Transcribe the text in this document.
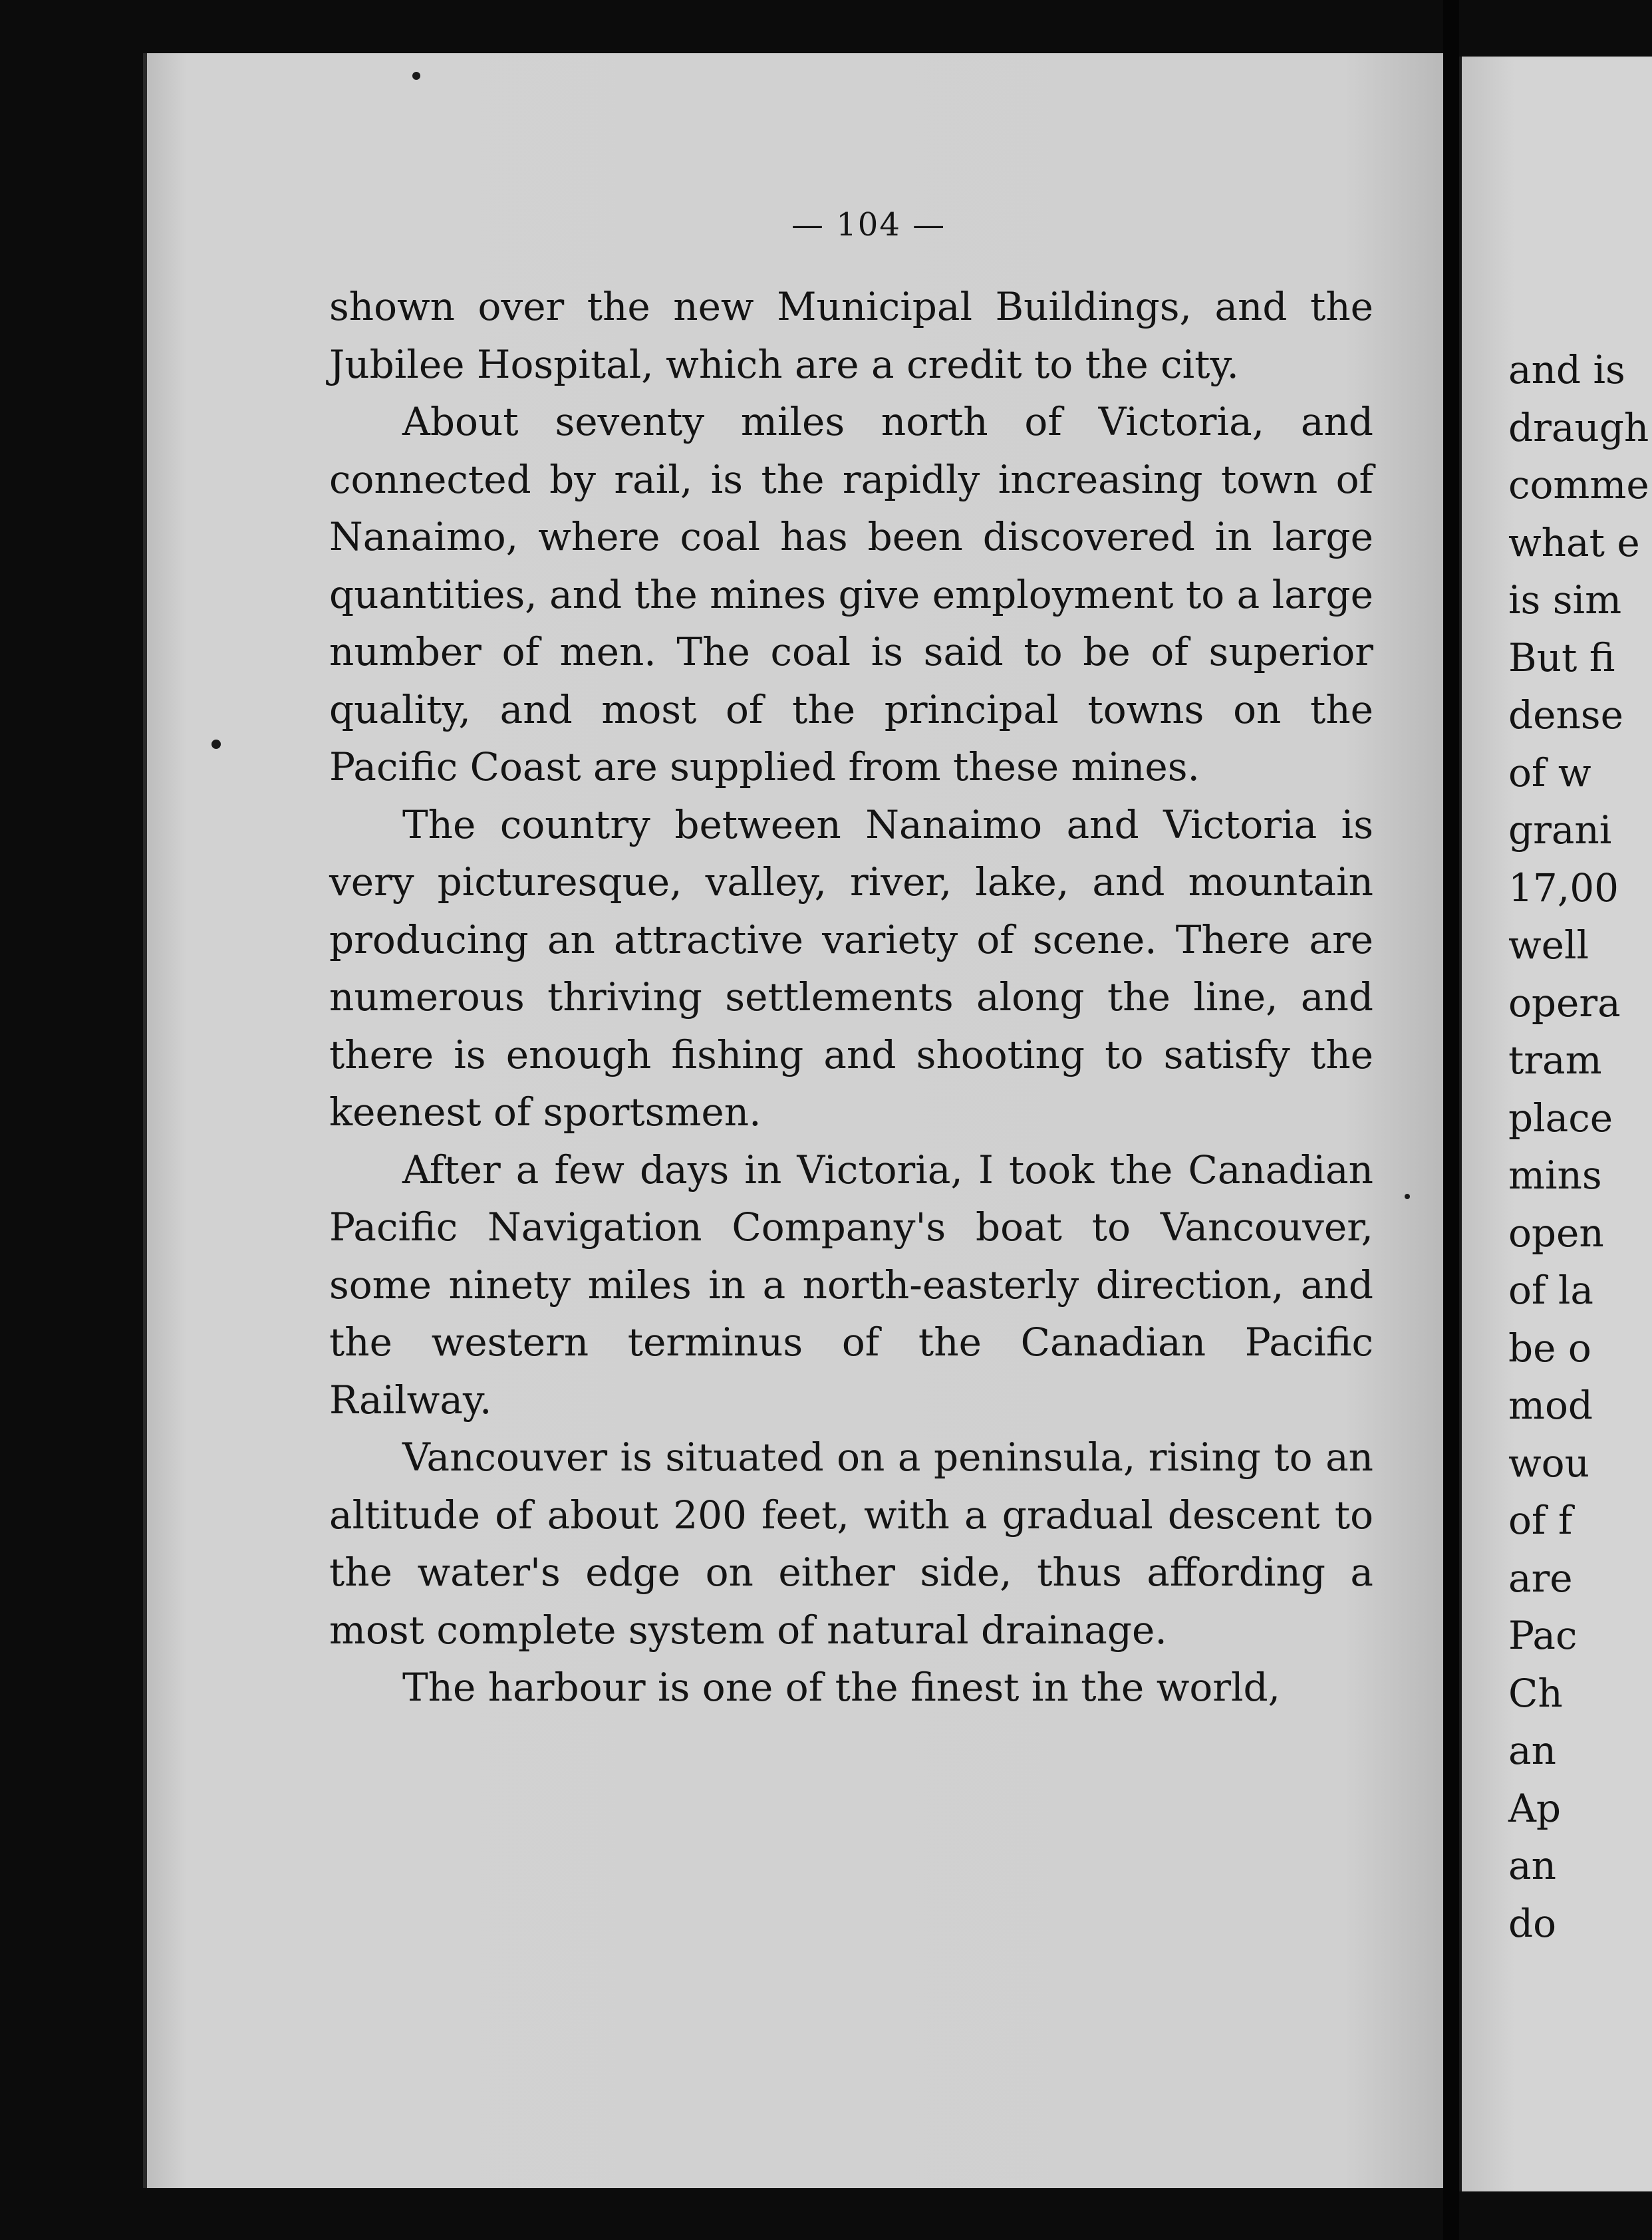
— 104 —

shown over the new Municipal Buildings, and the Jubilee Hospital, which are a credit to the city.

About seventy miles north of Victoria, and connected by rail, is the rapidly increasing town of Nanaimo, where coal has been discovered in large quantities, and the mines give employment to a large number of men. The coal is said to be of superior quality, and most of the principal towns on the Pacific Coast are supplied from these mines.

The country between Nanaimo and Victoria is very picturesque, valley, river, lake, and mountain producing an attractive variety of scene. There are numerous thriving settlements along the line, and there is enough fishing and shooting to satisfy the keenest of sportsmen.

After a few days in Victoria, I took the Canadian Pacific Navigation Company's boat to Vancouver, some ninety miles in a north-easterly direction, and the western terminus of the Canadian Pacific Railway.

Vancouver is situated on a peninsula, rising to an altitude of about 200 feet, with a gradual descent to the water's edge on either side, thus affording a most complete system of natural drainage.

The harbour is one of the finest in the world,

and is
draugh
comme
what e
is sim
But fi
dense
of w
grani
17,00
well
opera
tram
place
mins
open
of la
be o
mod
wou
of f
are
Pac
Ch
an
Ap
an
do
